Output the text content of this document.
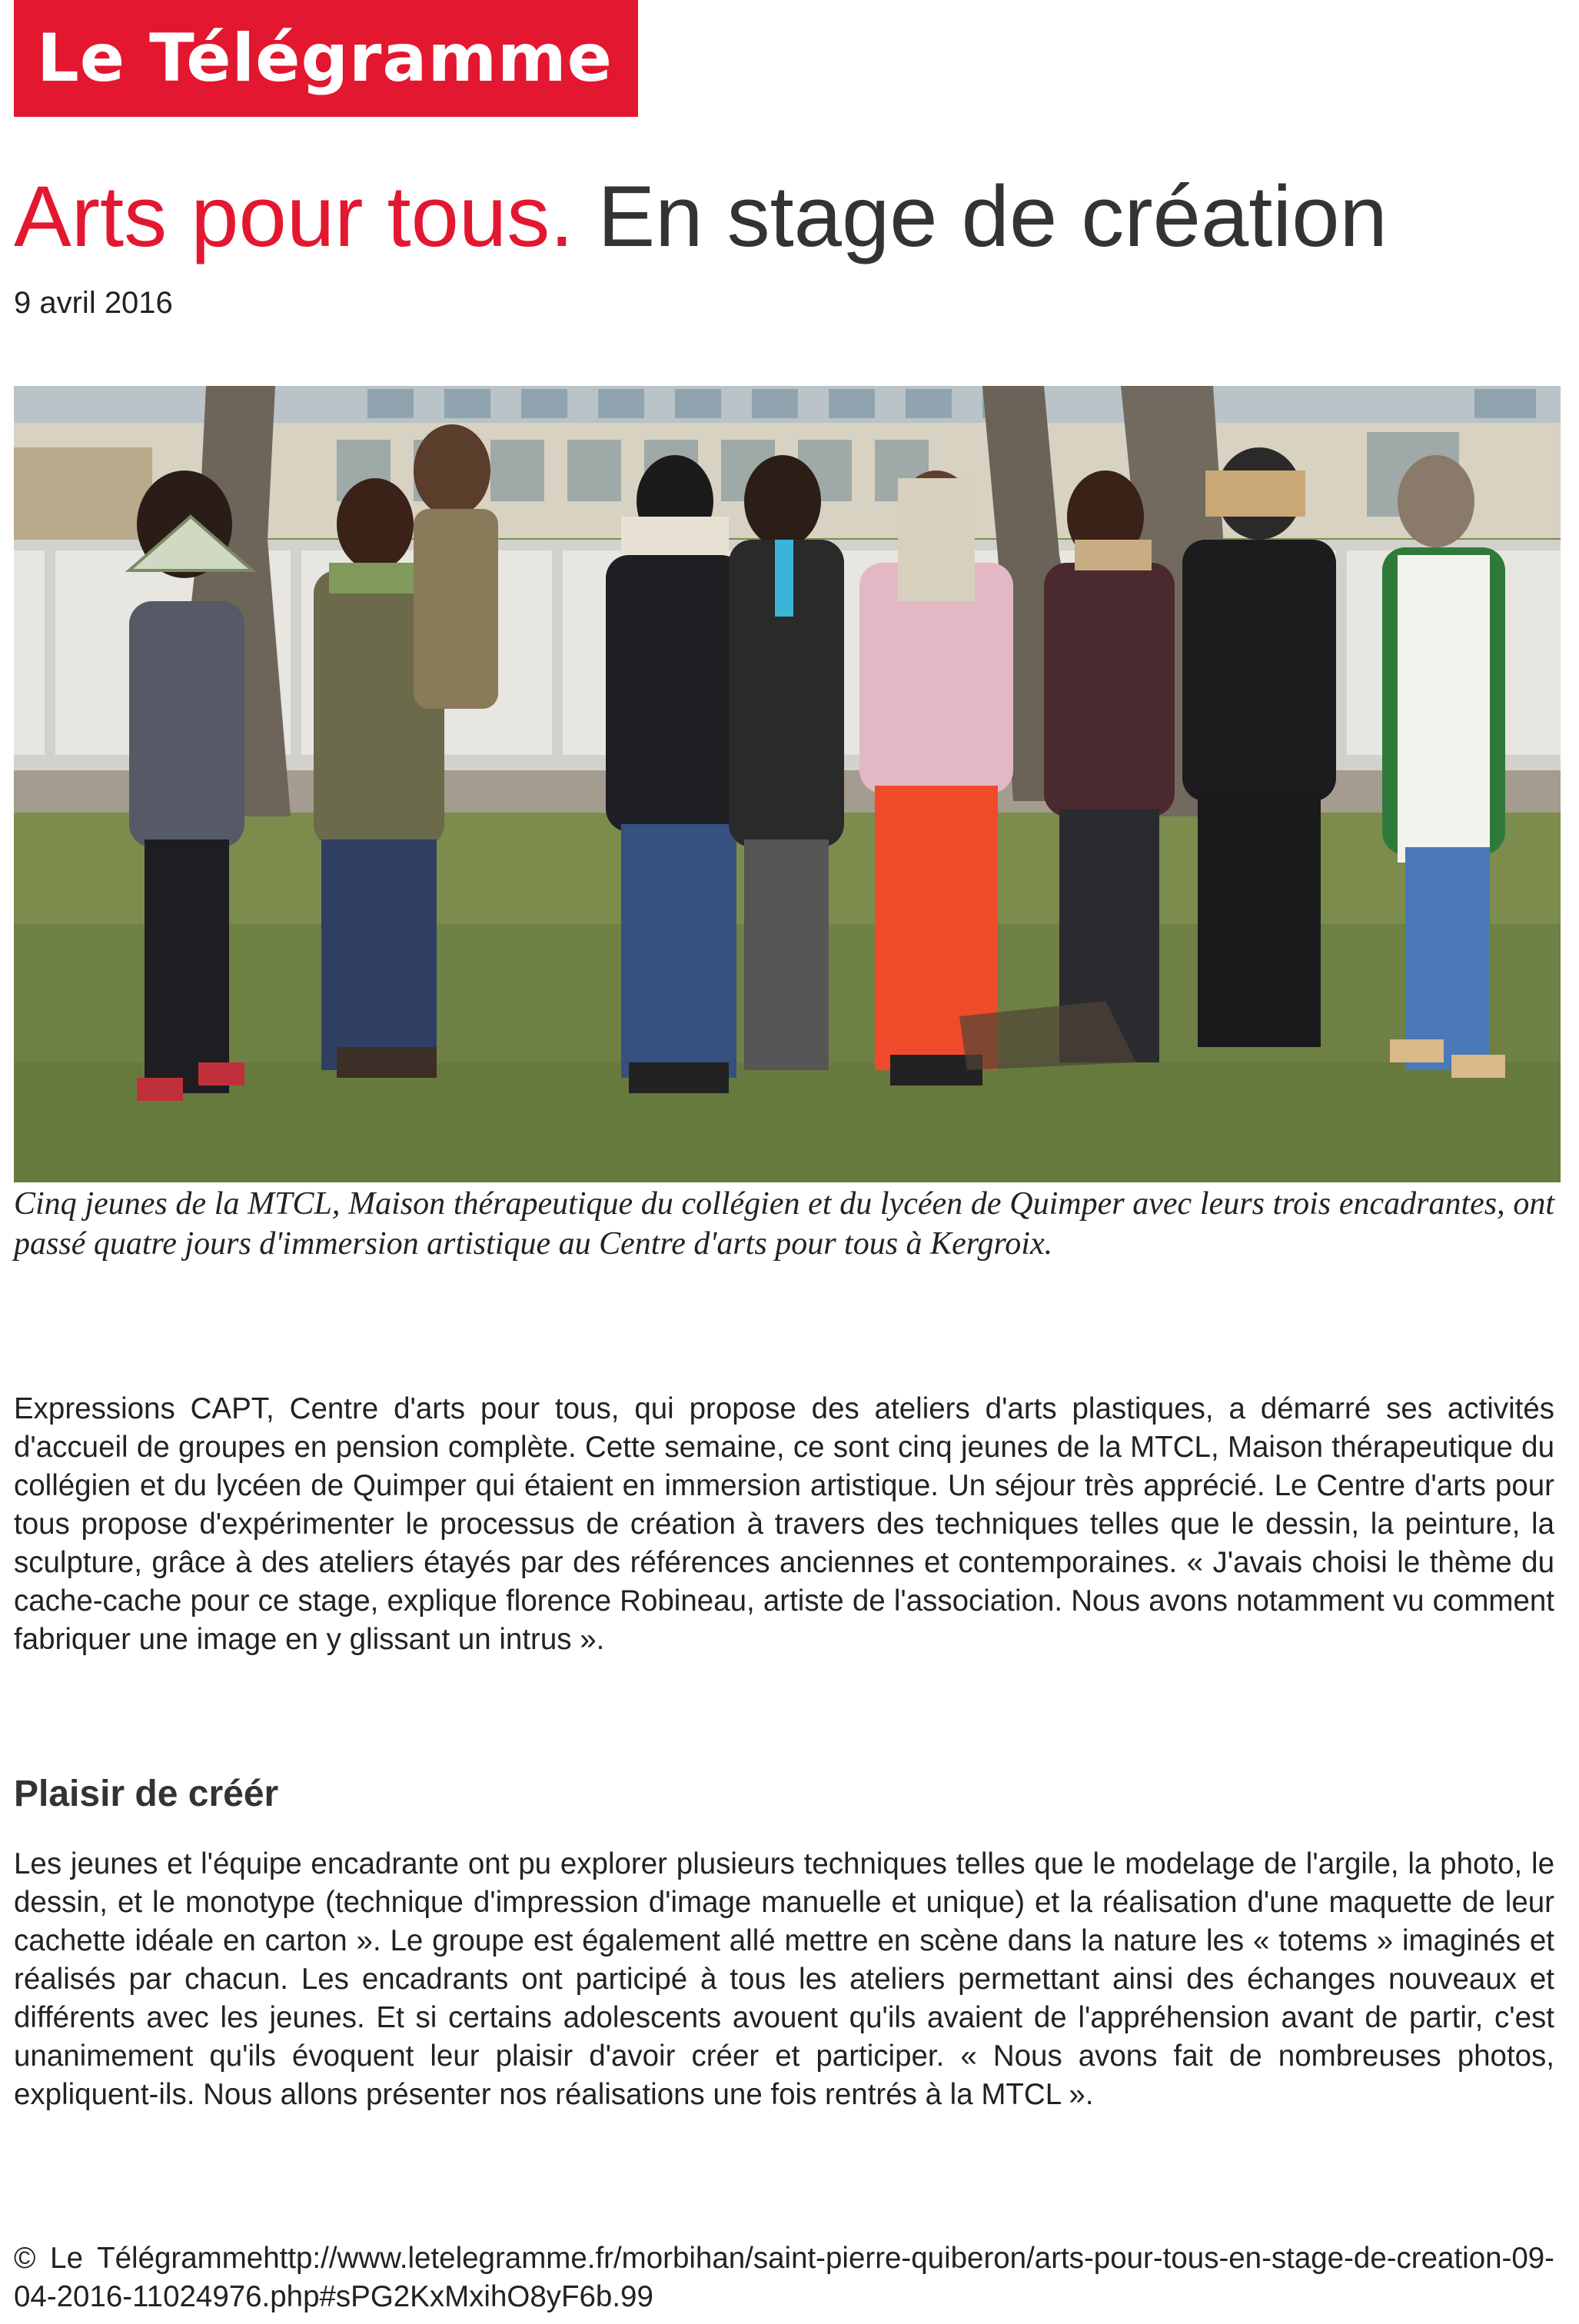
Le Télégramme
Arts pour tous. En stage de création
9 avril 2016

Cinq jeunes de la MTCL, Maison thérapeutique du collégien et du lycéen de Quimper avec leurs trois encadrantes, ont passé quatre jours d'immersion artistique au Centre d'arts pour tous à Kergroix.

Expressions CAPT, Centre d'arts pour tous, qui propose des ateliers d'arts plastiques, a démarré ses activités d'accueil de groupes en pension complète. Cette semaine, ce sont cinq jeunes de la MTCL, Maison thérapeutique du collégien et du lycéen de Quimper qui étaient en immersion artistique. Un séjour très apprécié. Le Centre d'arts pour tous propose d'expérimenter le processus de création à travers des techniques telles que le dessin, la peinture, la sculpture, grâce à des ateliers étayés par des références anciennes et contemporaines. « J'avais choisi le thème du cache-cache pour ce stage, explique florence Robineau, artiste de l'association. Nous avons notamment vu comment fabriquer une image en y glissant un intrus ».

Plaisir de créér

Les jeunes et l'équipe encadrante ont pu explorer plusieurs techniques telles que le modelage de l'argile, la photo, le dessin, et le monotype (technique d'impression d'image manuelle et unique) et la réalisation d'une maquette de leur cachette idéale en carton ». Le groupe est également allé mettre en scène dans la nature les « totems » imaginés et réalisés par chacun. Les encadrants ont participé à tous les ateliers permettant ainsi des échanges nouveaux et différents avec les jeunes. Et si certains adolescents avouent qu'ils avaient de l'appréhension avant de partir, c'est unanimement qu'ils évoquent leur plaisir d'avoir créer et participer. « Nous avons fait de nombreuses photos, expliquent-ils. Nous allons présenter nos réalisations une fois rentrés à la MTCL ».

© Le Télégrammehttp://www.letelegramme.fr/morbihan/saint-pierre-quiberon/arts-pour-tous-en-stage-de-creation-09-04-2016-11024976.php#sPG2KxMxihO8yF6b.99
